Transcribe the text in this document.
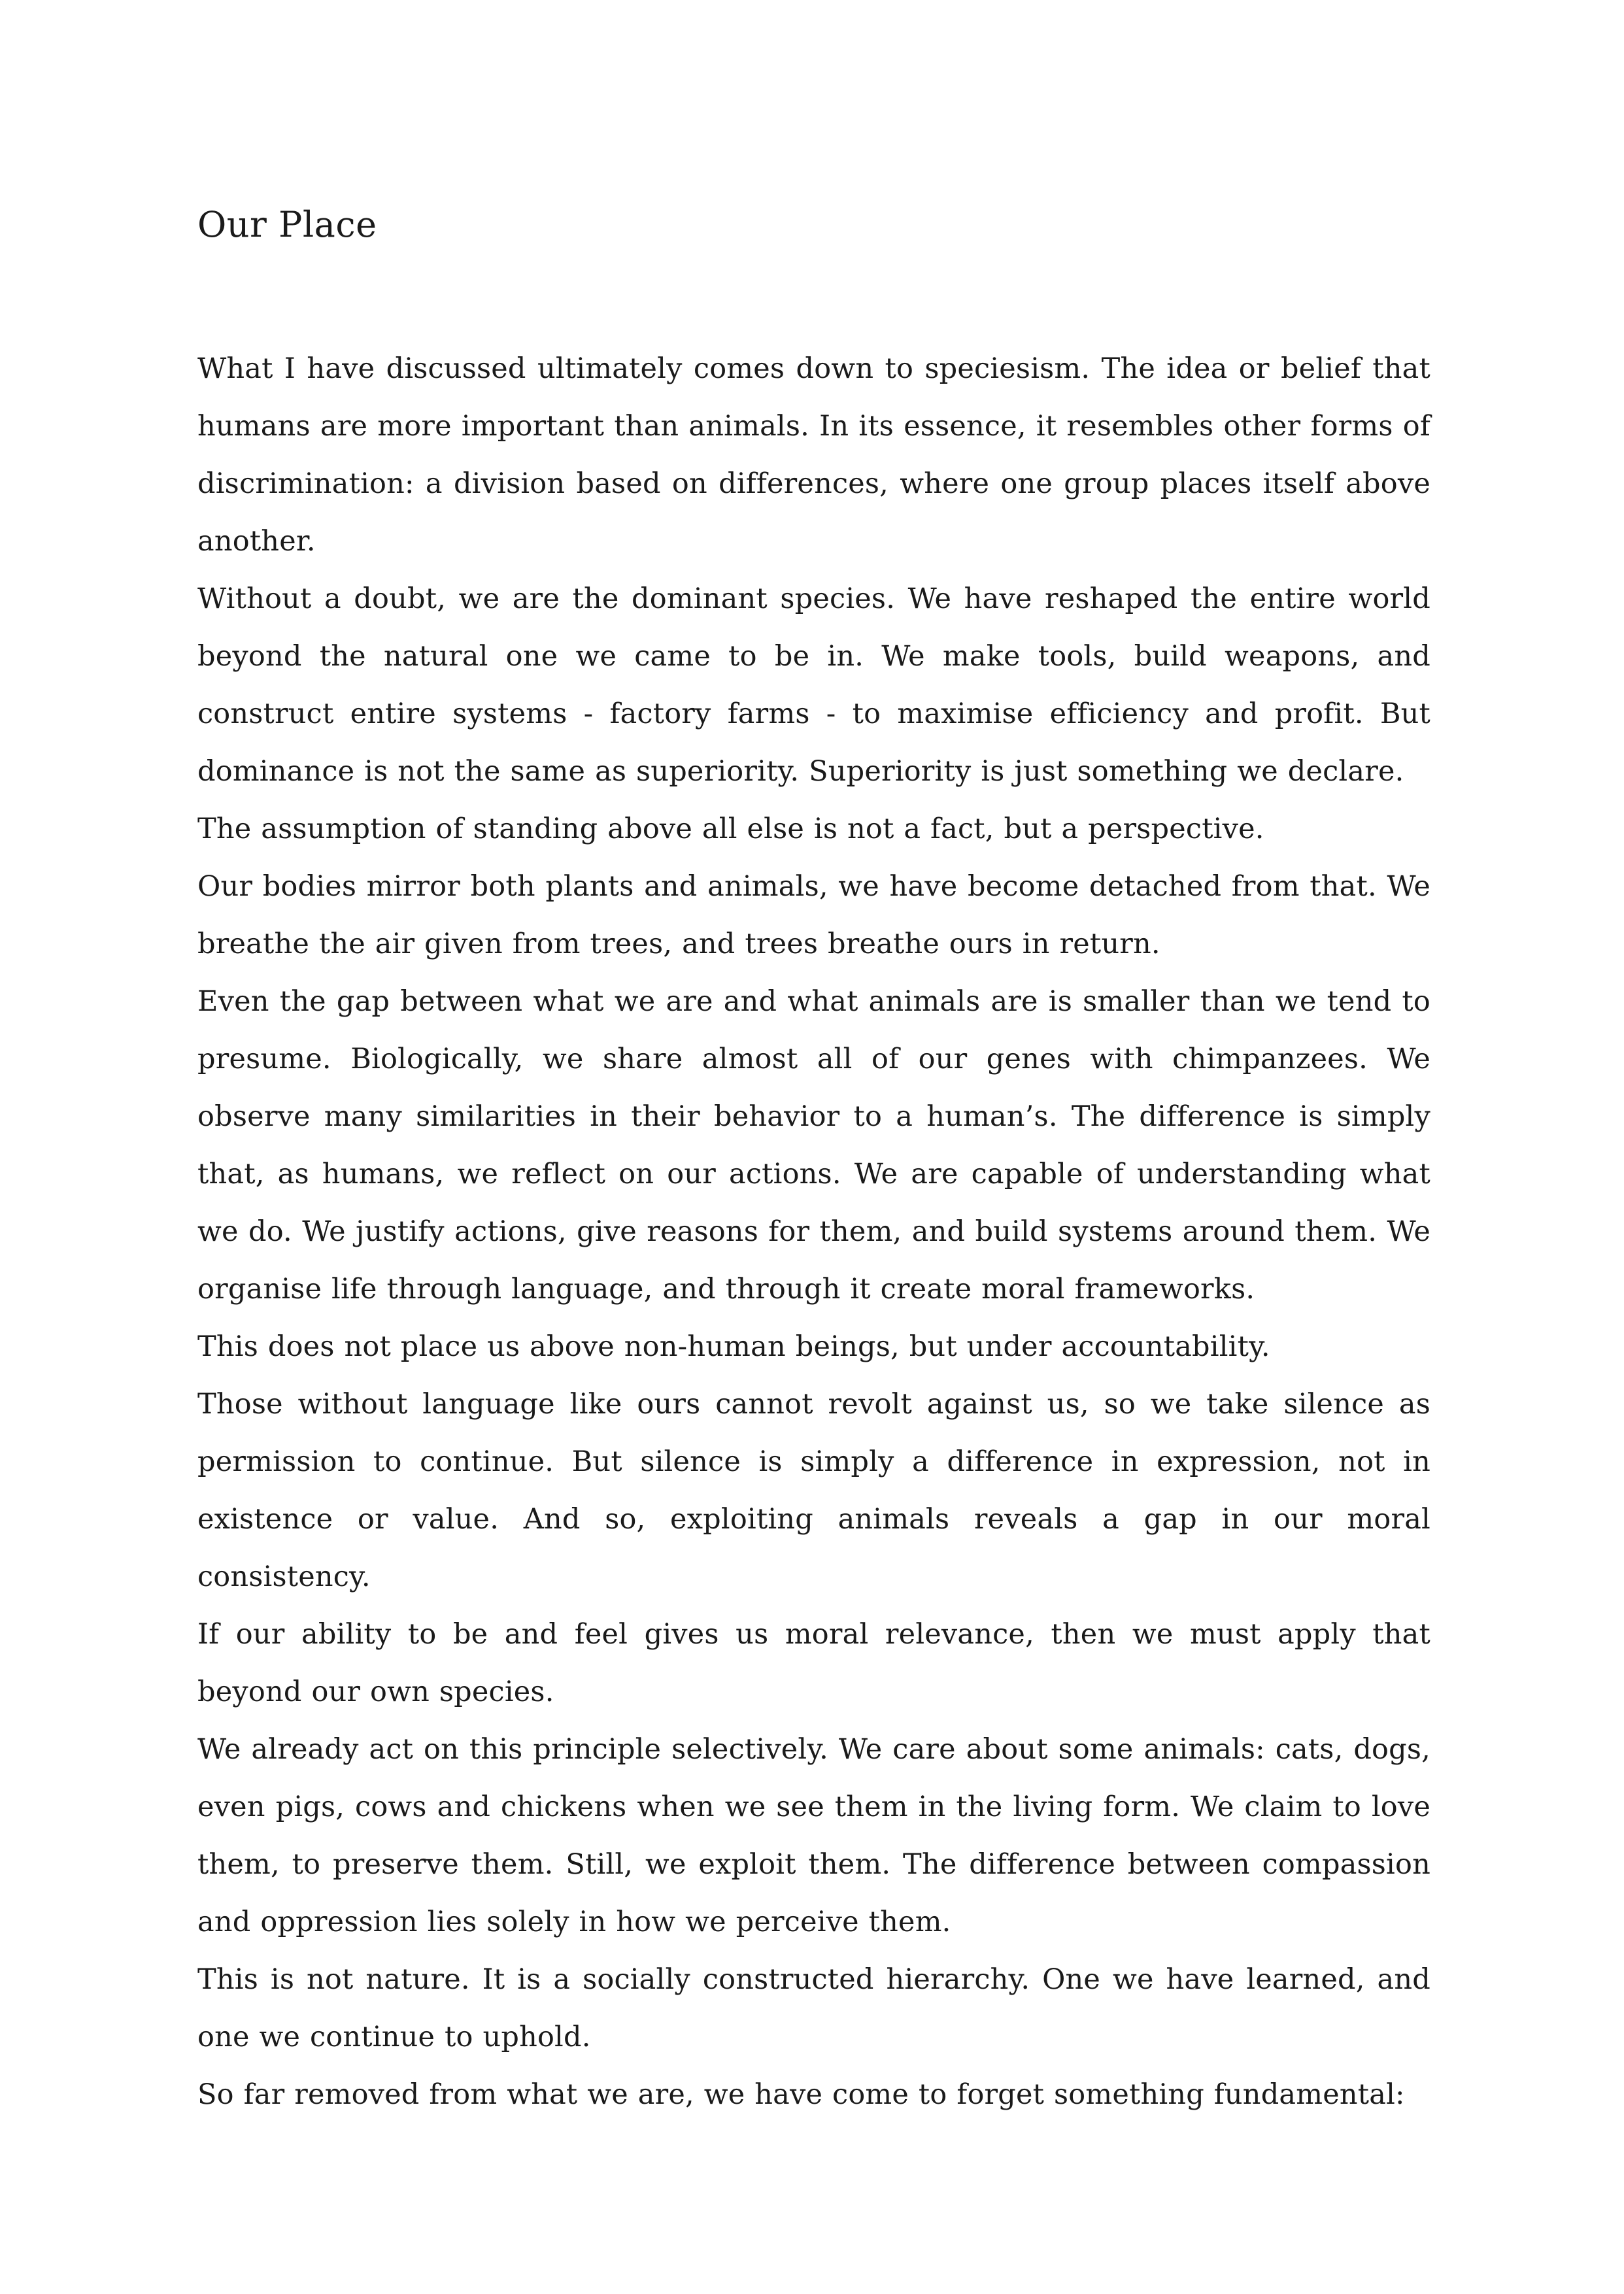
Our Place

What I have discussed ultimately comes down to speciesism. The idea or belief that humans are more important than animals. In its essence, it resembles other forms of discrimination: a division based on differences, where one group places itself above another.

Without a doubt, we are the dominant species. We have reshaped the entire world beyond the natural one we came to be in. We make tools, build weapons, and construct entire systems - factory farms - to maximise efficiency and profit. But dominance is not the same as superiority. Superiority is just something we declare.

The assumption of standing above all else is not a fact, but a perspective.

Our bodies mirror both plants and animals, we have become detached from that. We breathe the air given from trees, and trees breathe ours in return.

Even the gap between what we are and what animals are is smaller than we tend to presume. Biologically, we share almost all of our genes with chimpanzees. We observe many similarities in their behavior to a human’s. The difference is simply that, as humans, we reflect on our actions. We are capable of understanding what we do. We justify actions, give reasons for them, and build systems around them. We organise life through language, and through it create moral frameworks.

This does not place us above non-human beings, but under accountability.

Those without language like ours cannot revolt against us, so we take silence as permission to continue. But silence is simply a difference in expression, not in existence or value. And so, exploiting animals reveals a gap in our moral consistency.

If our ability to be and feel gives us moral relevance, then we must apply that beyond our own species.

We already act on this principle selectively. We care about some animals: cats, dogs, even pigs, cows and chickens when we see them in the living form. We claim to love them, to preserve them. Still, we exploit them. The difference between compassion and oppression lies solely in how we perceive them.

This is not nature. It is a socially constructed hierarchy. One we have learned, and one we continue to uphold.

So far removed from what we are, we have come to forget something fundamental:
